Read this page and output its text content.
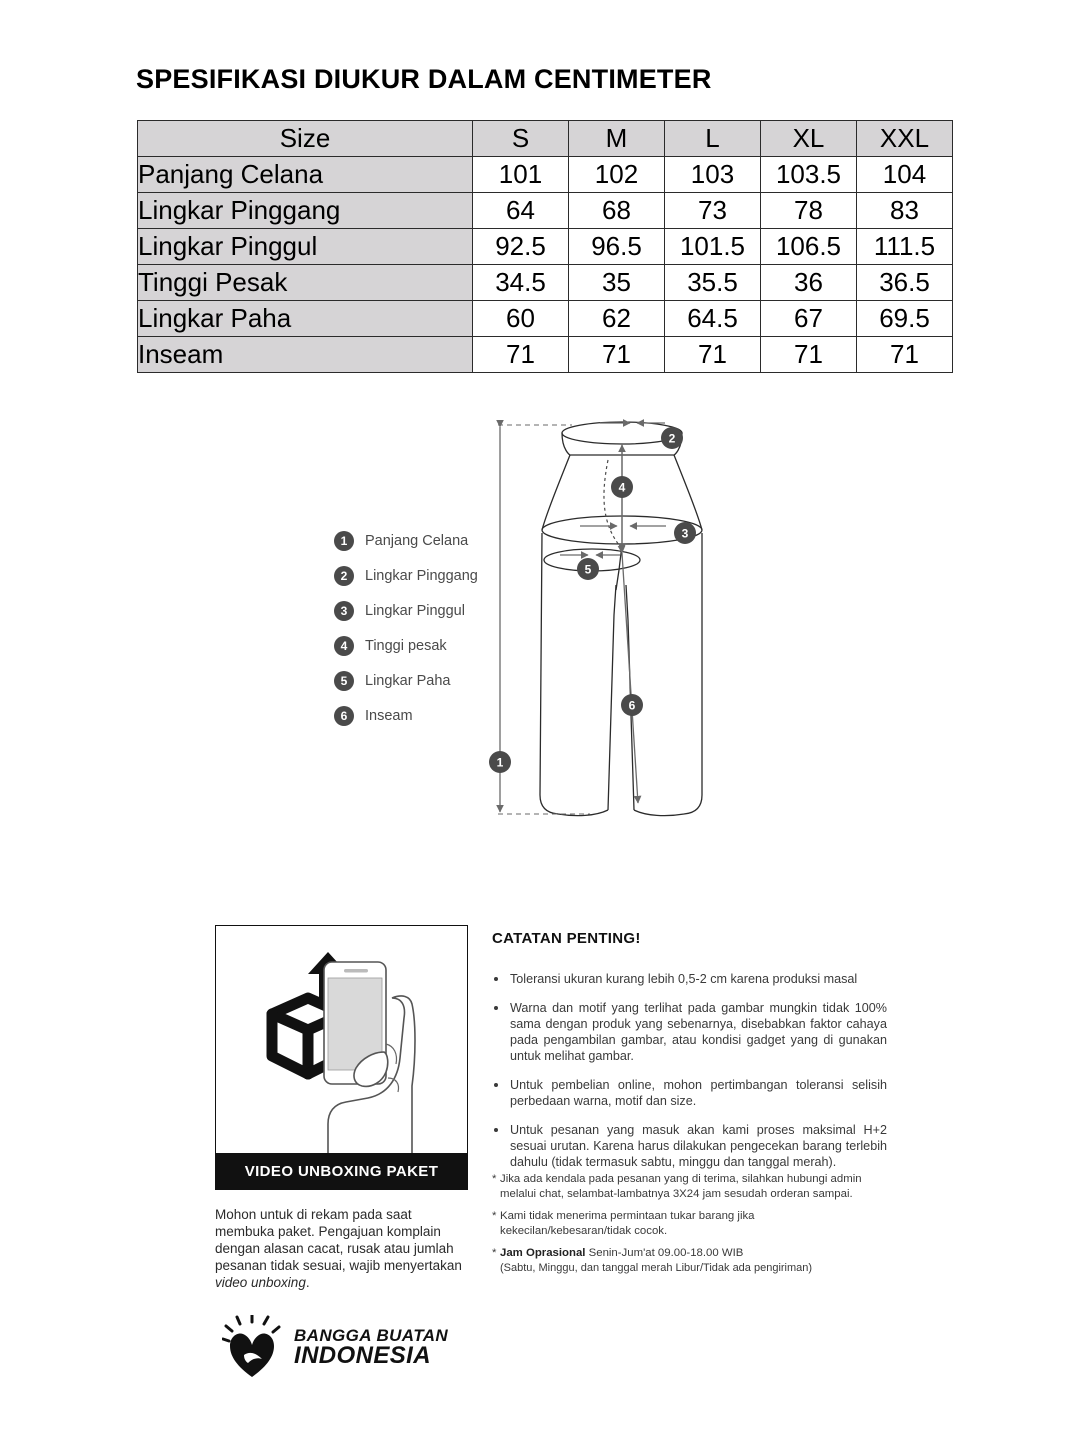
SPESIFIKASI DIUKUR DALAM CENTIMETER
Size	S	M	L	XL	XXL
Panjang Celana	101	102	103	103.5	104
Lingkar Pinggang	64	68	73	78	83
Lingkar Pinggul	92.5	96.5	101.5	106.5	111.5
Tinggi Pesak	34.5	35	35.5	36	36.5
Lingkar Paha	60	62	64.5	67	69.5
Inseam	71	71	71	71	71
1	Panjang Celana
2	Lingkar Pinggang
3	Lingkar Pinggul
4	Tinggi pesak
5	Lingkar Paha
6	Inseam
1
2
3
4
5
6
VIDEO UNBOXING PAKET
Mohon untuk di rekam pada saat membuka paket. Pengajuan komplain dengan alasan cacat, rusak atau jumlah pesanan tidak sesuai, wajib menyertakan video unboxing.
CATATAN PENTING!
Toleransi ukuran kurang lebih 0,5-2 cm karena produksi masal
Warna dan motif yang terlihat pada gambar mungkin tidak 100% sama dengan produk yang sebenarnya, disebabkan faktor cahaya pada pengambilan gambar, atau kondisi gadget yang di gunakan untuk melihat gambar.
Untuk pembelian online, mohon pertimbangan toleransi selisih perbedaan warna, motif dan size.
Untuk pesanan yang masuk akan kami proses maksimal H+2 sesuai urutan. Karena harus dilakukan pengecekan barang terlebih dahulu (tidak termasuk sabtu, minggu dan tanggal merah).
* Jika ada kendala pada pesanan yang di terima, silahkan hubungi admin melalui chat, selambat-lambatnya 3X24 jam sesudah orderan sampai.
* Kami tidak menerima permintaan tukar barang jika kekecilan/kebesaran/tidak cocok.
* Jam Oprasional Senin-Jum'at 09.00-18.00 WIB
(Sabtu, Minggu, dan tanggal merah Libur/Tidak ada pengiriman)
BANGGA BUATAN
INDONESIA
